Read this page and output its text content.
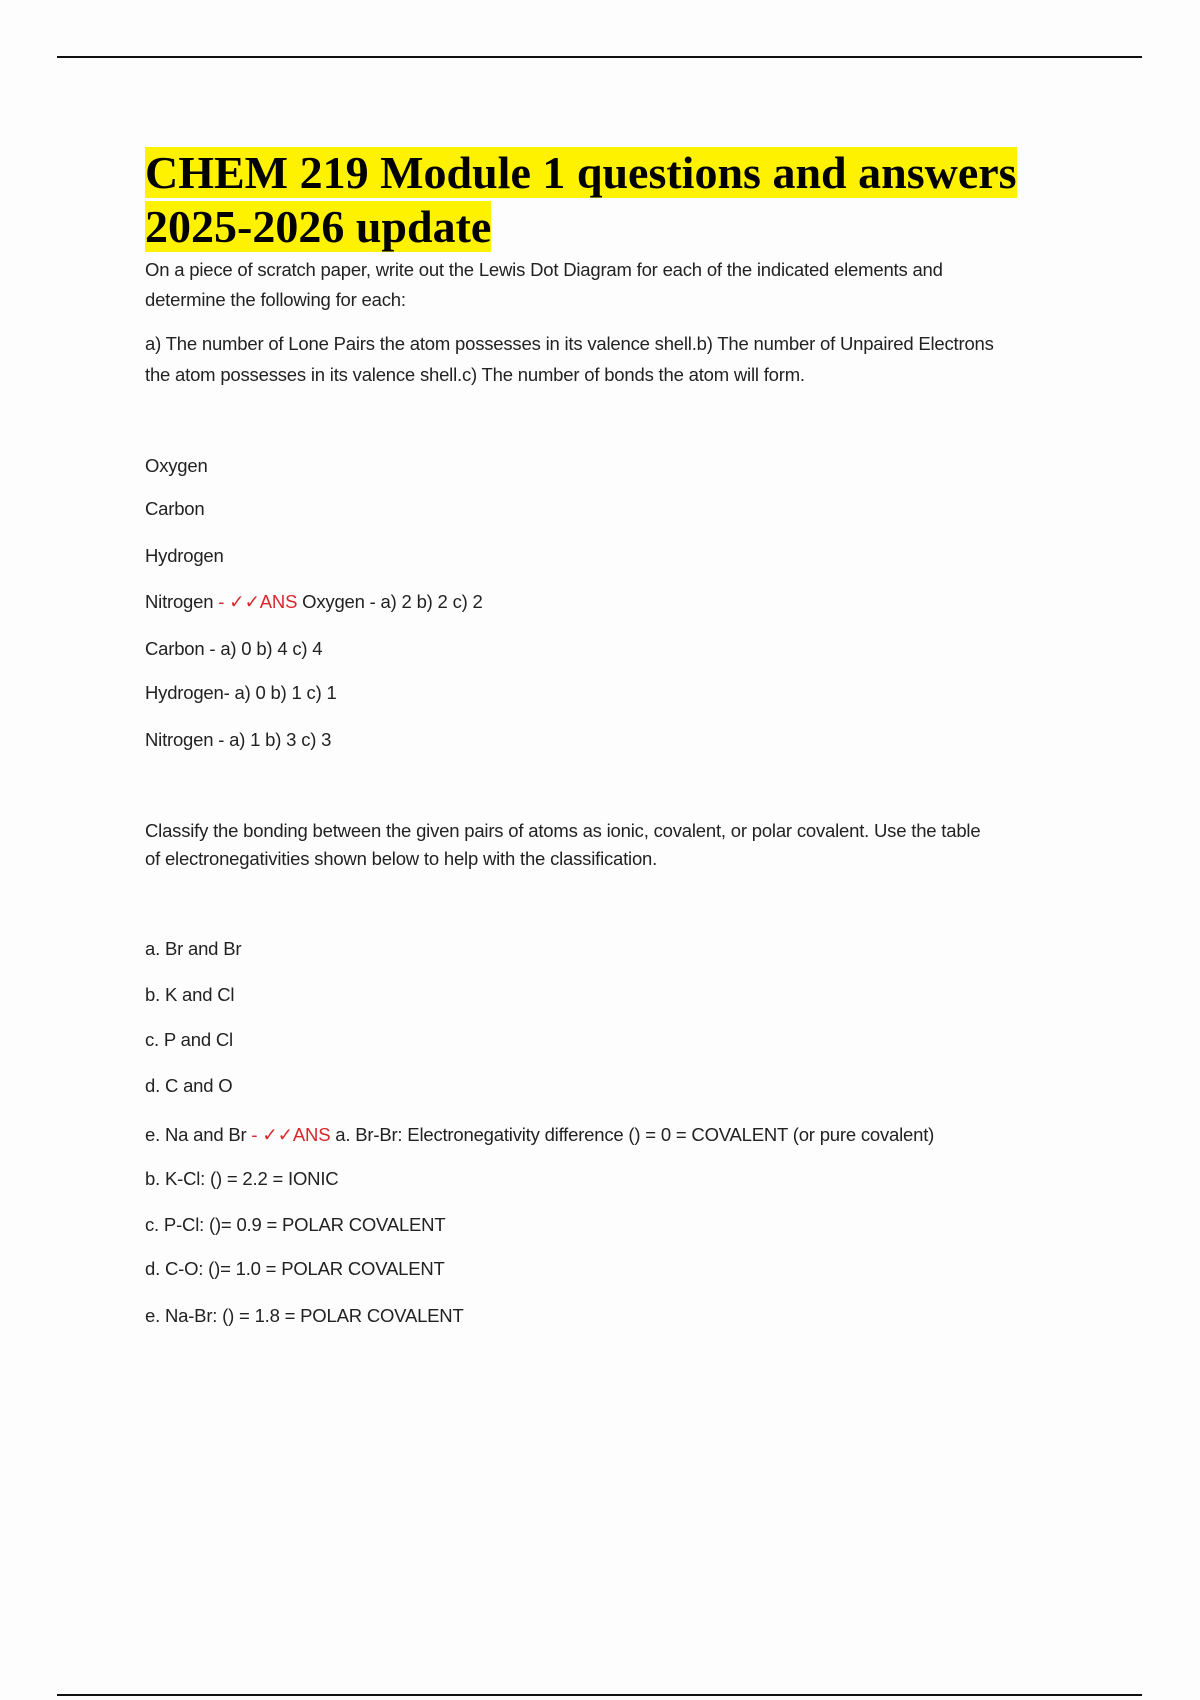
CHEM 219 Module 1 questions and answers
2025-2026 update
On a piece of scratch paper, write out the Lewis Dot Diagram for each of the indicated elements and
determine the following for each:
a) The number of Lone Pairs the atom possesses in its valence shell.b) The number of Unpaired Electrons
the atom possesses in its valence shell.c) The number of bonds the atom will form.
Oxygen
Carbon
Hydrogen
Nitrogen - ✓✓ANS Oxygen - a) 2 b) 2 c) 2
Carbon - a) 0 b) 4 c) 4
Hydrogen- a) 0 b) 1 c) 1
Nitrogen - a) 1 b) 3 c) 3
Classify the bonding between the given pairs of atoms as ionic, covalent, or polar covalent. Use the table
of electronegativities shown below to help with the classification.
a. Br and Br
b. K and Cl
c. P and Cl
d. C and O
e. Na and Br - ✓✓ANS a. Br-Br: Electronegativity difference () = 0 = COVALENT (or pure covalent)
b. K-Cl: () = 2.2 = IONIC
c. P-Cl: ()= 0.9 = POLAR COVALENT
d. C-O: ()= 1.0 = POLAR COVALENT
e. Na-Br: () = 1.8 = POLAR COVALENT
